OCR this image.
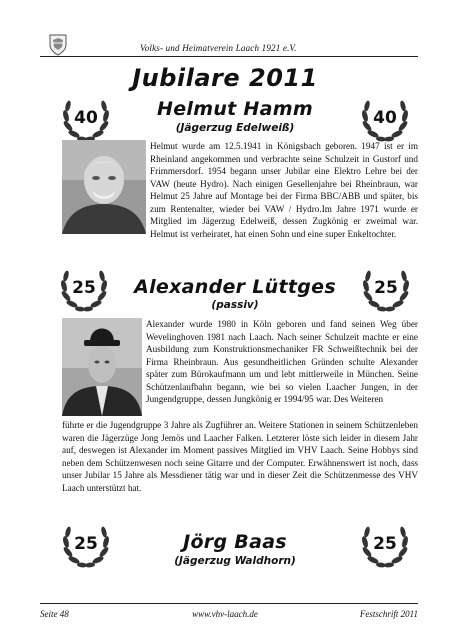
Volks- und Heimatverein Laach 1921 e.V.
Jubilare 2011
40	40
Helmut Hamm
(Jägerzug Edelweiß)
Helmut wurde am 12.5.1941 in Königsbach geboren. 1947 ist er im Rheinland angekommen und verbrachte seine Schulzeit in Gustorf und Frimmersdorf. 1954 begann unser Jubilar eine Elektro Lehre bei der VAW (heute Hydro). Nach einigen Gesellenjahre bei Rheinbraun, war Helmut 25 Jahre auf Montage bei der Firma BBC/ABB und später, bis zum Rentenalter, wieder bei VAW / Hydro.Im Jahre 1971 wurde er Mitglied im Jägerzug Edelweiß, dessen Zugkönig er zweimal war. Helmut ist verheiratet, hat einen Sohn und eine super Enkeltochter.
25	25
Alexander Lüttges
(passiv)
Alexander wurde 1980 in Köln geboren und fand seinen Weg über Wevelinghoven 1981 nach Laach. Nach seiner Schulzeit machte er eine Ausbildung zum Konstruktionsmechaniker FR Schweißtechnik bei der Firma Rheinbraun. Aus gesundheitlichen Gründen schulte Alexander später zum Bürokaufmann um und lebt mittlerweile in München. Seine Schützenlaufbahn begann, wie bei so vielen Laacher Jungen, in der Jungendgruppe, dessen Jungkönig er 1994/95 war. Des Weiteren
führte er die Jugendgruppe 3 Jahre als Zugführer an. Weitere Stationen in seinem Schützenleben waren die Jägerzüge Jong Jemös und Laacher Falken. Letzterer löste sich leider in diesem Jahr auf, deswegen ist Alexander im Moment passives Mitglied im VHV Laach. Seine Hobbys sind neben dem Schützenwesen noch seine Gitarre und der Computer. Erwähnenswert ist noch, dass unser Jubilar 15 Jahre als Messdiener tätig war und in dieser Zeit die Schützenmesse des VHV Laach unterstützt hat.
25	25
Jörg Baas
(Jägerzug Waldhorn)
Seite 48	www.vhv-laach.de	Festschrift 2011
